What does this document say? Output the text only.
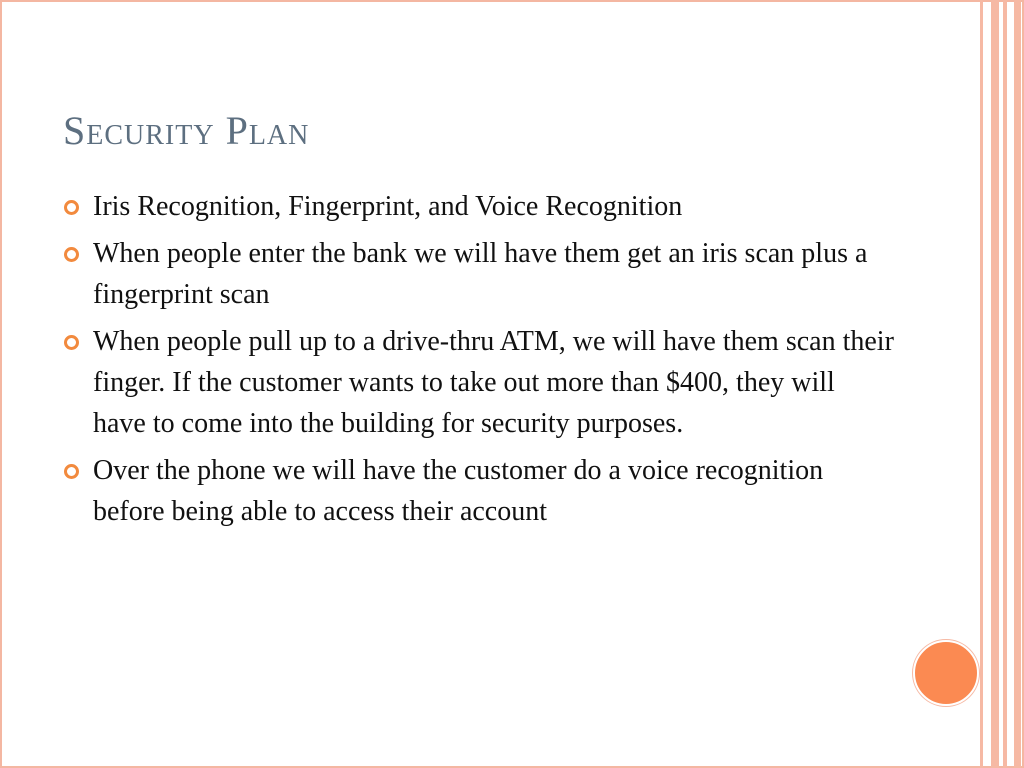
Security Plan
Iris Recognition, Fingerprint, and Voice Recognition
When people enter the bank we will have them get an iris scan plus a fingerprint scan
When people pull up to a drive-thru ATM, we will have them scan their finger. If the customer wants to take out more than $400, they will have to come into the building for security purposes.
Over the phone we will have the customer do a voice recognition before being able to access their account
